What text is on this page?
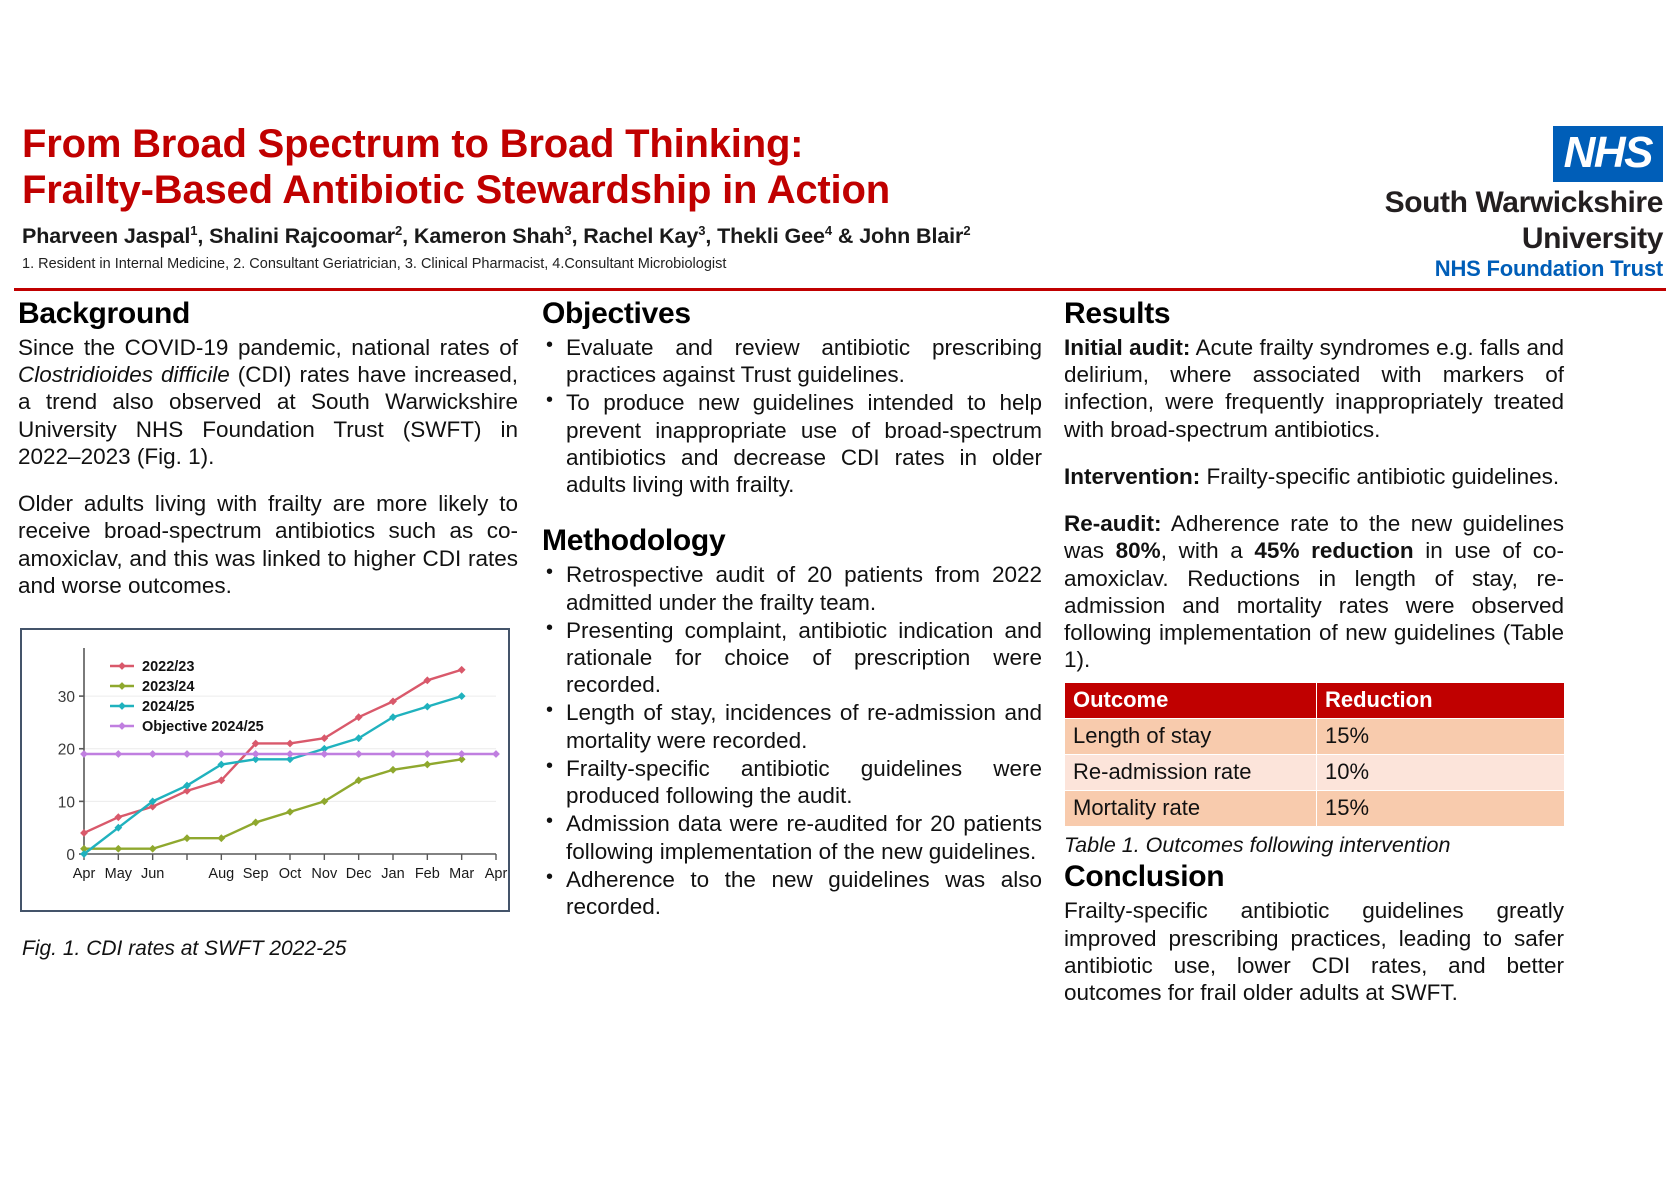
From Broad Spectrum to Broad Thinking:
Frailty-Based Antibiotic Stewardship in Action

Pharveen Jaspal$^1$, Shalini Rajcoomar$^2$, Kameron Shah$^3$, Rachel Kay$^3$, Thekli Gee$^4$ & John Blair$^2$

1. Resident in Internal Medicine, 2. Consultant Geriatrician, 3. Clinical Pharmacist, 4.Consultant Microbiologist

NHS
South Warwickshire
University
NHS Foundation Trust
Background

Since the COVID-19 pandemic, national rates of Clostridioides difficile (CDI) rates have increased, a trend also observed at South Warwickshire University NHS Foundation Trust (SWFT) in 2022–2023 (Fig. 1).

Older adults living with frailty are more likely to receive broad-spectrum antibiotics such as co-amoxiclav, and this was linked to higher CDI rates and worse outcomes.

0
10
20
30
Apr May Jun	Aug Sep Oct Nov Dec Jan Feb Mar Apr
2022/23
2023/24
2024/25
Objective 2024/25
Fig. 1. CDI rates at SWFT 2022-25
Objectives
• Evaluate and review antibiotic prescribing practices against Trust guidelines.
• To produce new guidelines intended to help prevent inappropriate use of broad-spectrum antibiotics and decrease CDI rates in older adults living with frailty.
Methodology
• Retrospective audit of 20 patients from 2022 admitted under the frailty team.
• Presenting complaint, antibiotic indication and rationale for choice of prescription were recorded.
• Length of stay, incidences of re-admission and mortality were recorded.
• Frailty-specific antibiotic guidelines were produced following the audit.
• Admission data were re-audited for 20 patients following implementation of the new guidelines.
• Adherence to the new guidelines was also recorded.
Results

Initial audit: Acute frailty syndromes e.g. falls and delirium, where associated with markers of infection, were frequently inappropriately treated with broad-spectrum antibiotics.

Intervention: Frailty-specific antibiotic guidelines.

Re-audit: Adherence rate to the new guidelines was 80%, with a 45% reduction in use of co-amoxiclav. Reductions in length of stay, re-admission and mortality rates were observed following implementation of new guidelines (Table 1).

Outcome	Reduction
Length of stay	15%
Re-admission rate	10%
Mortality rate	15%

Table 1. Outcomes following intervention

Conclusion

Frailty-specific antibiotic guidelines greatly improved prescribing practices, leading to safer antibiotic use, lower CDI rates, and better outcomes for frail older adults at SWFT.
